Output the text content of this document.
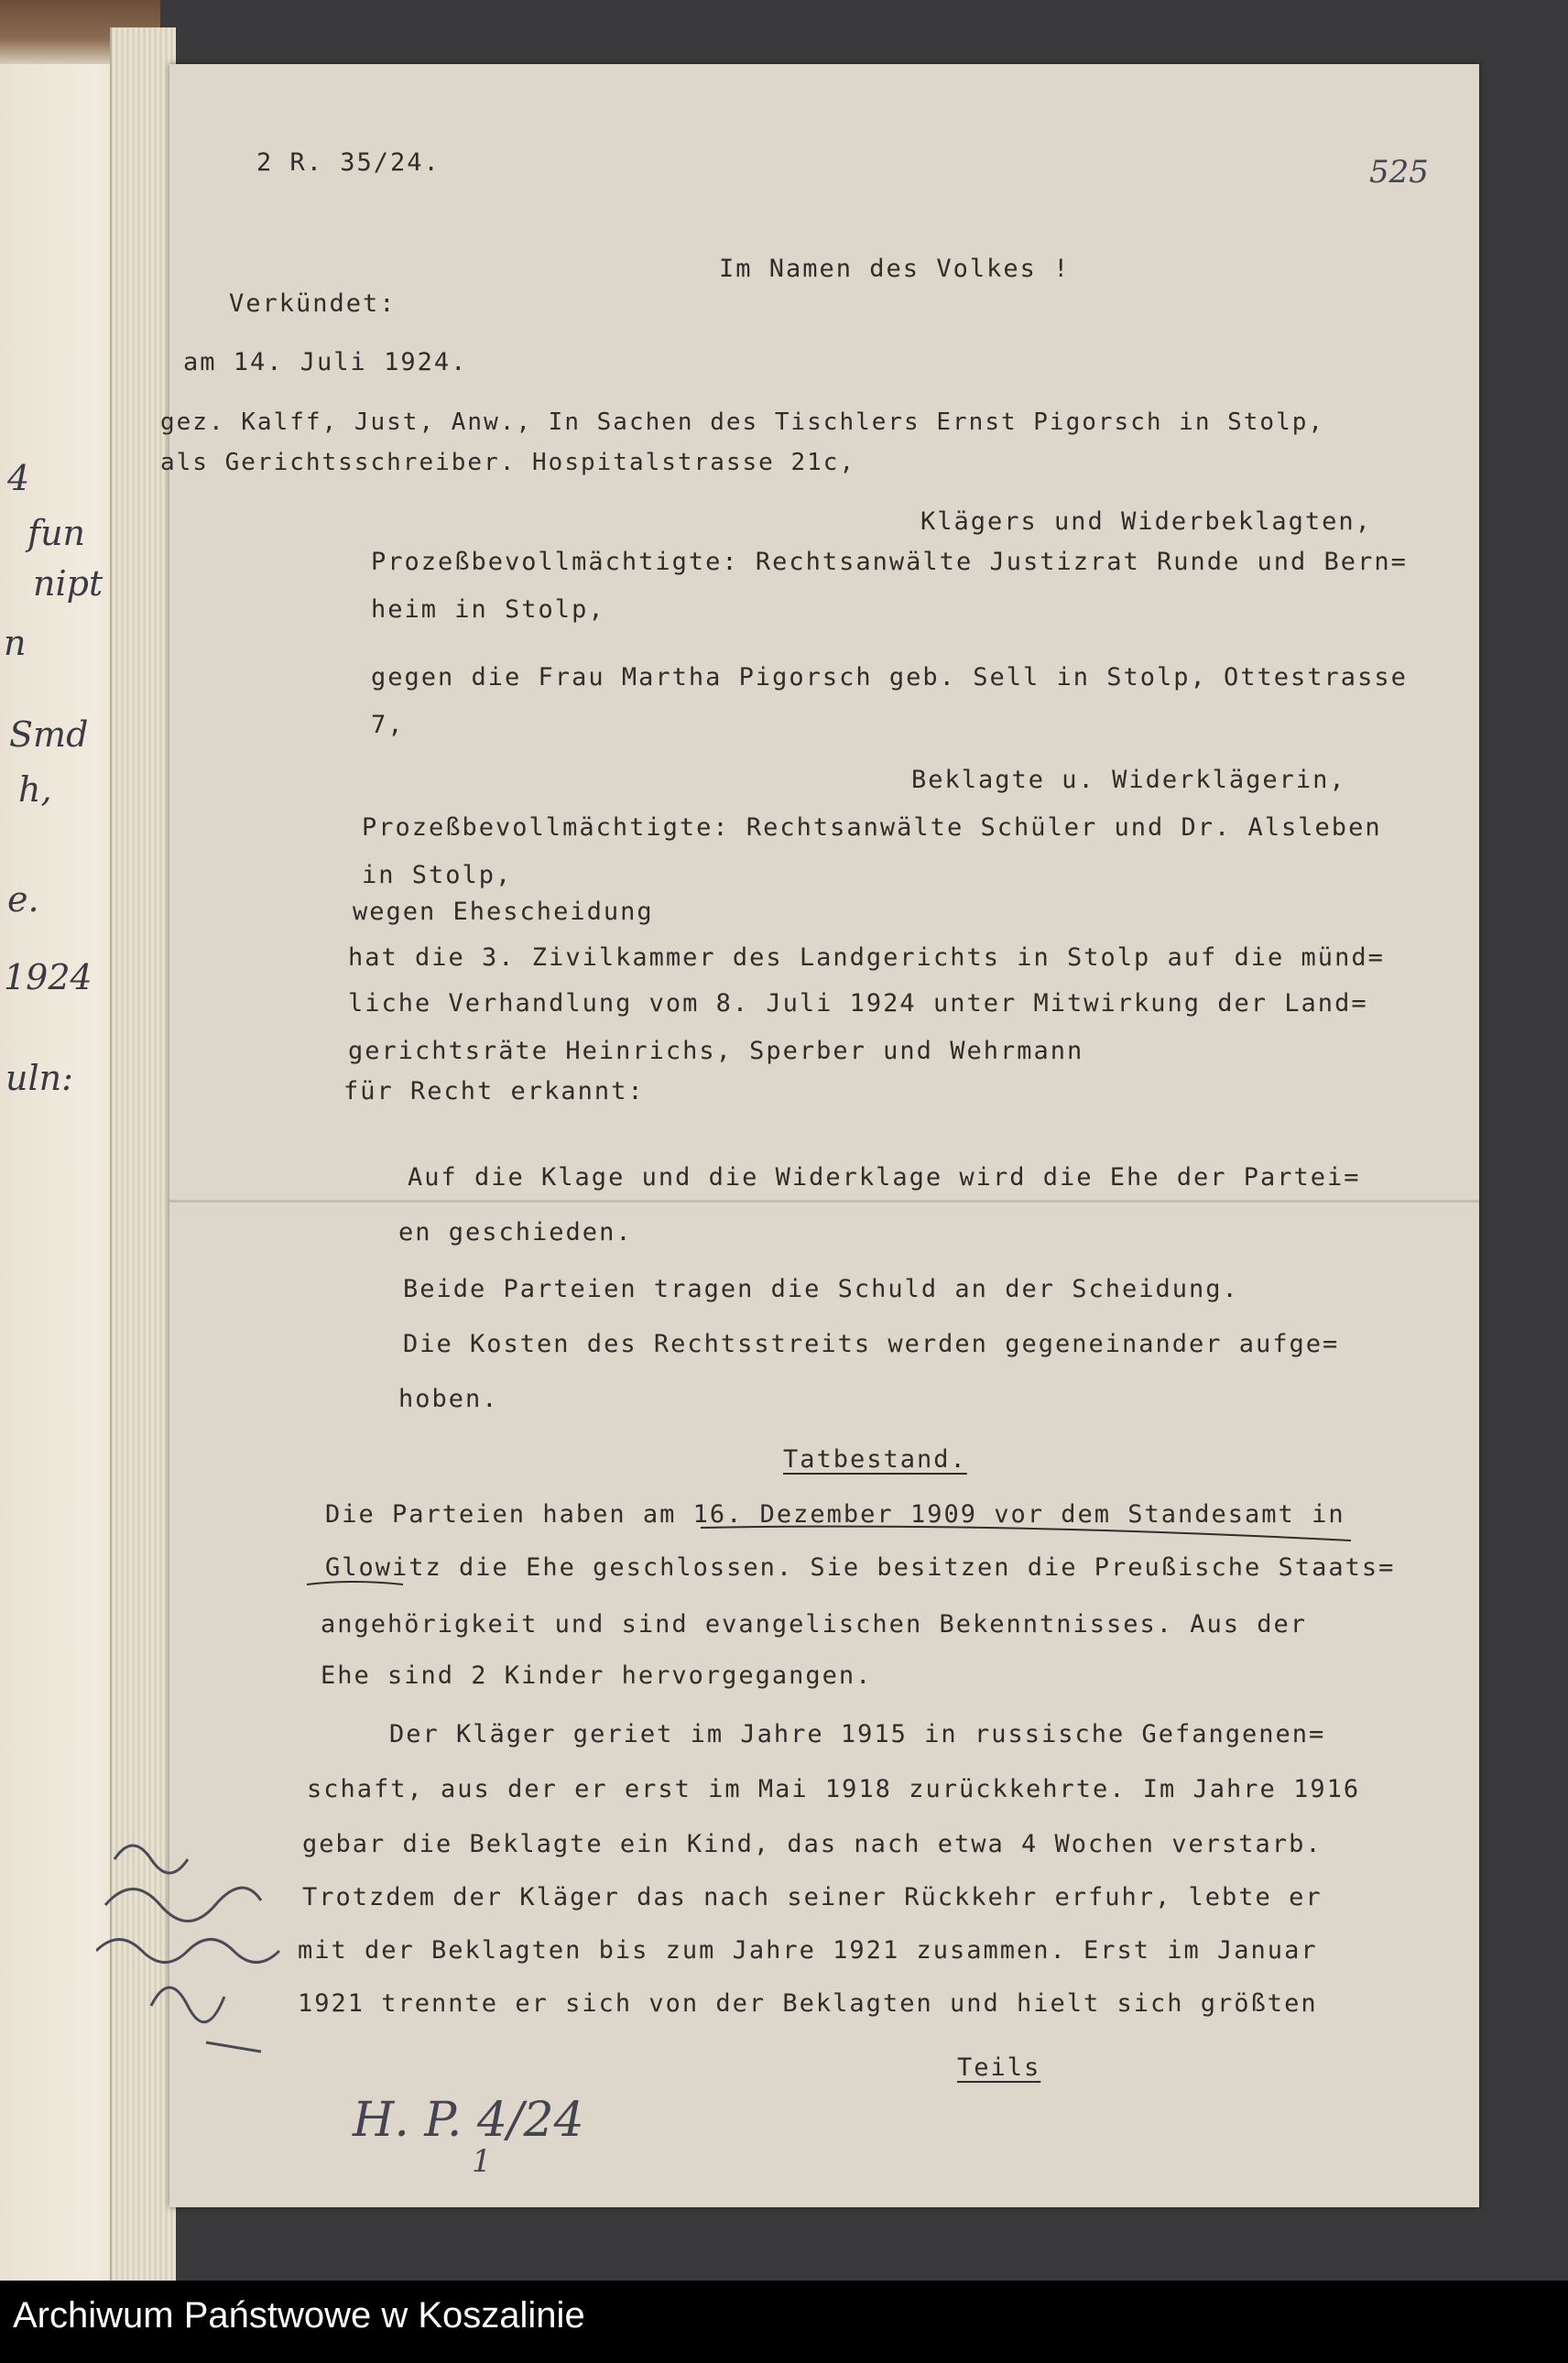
4
fun
nipt
n
Smd
h,
e.
1924
uln:
2 R. 35/24.	525
Im Namen des Volkes !
Verkündet:
am 14. Juli 1924.
gez. Kalff, Just, Anw., In Sachen des Tischlers Ernst Pigorsch in Stolp,
als Gerichtsschreiber. Hospitalstrasse 21c,
Klägers und Widerbeklagten,
Prozeßbevollmächtigte: Rechtsanwälte Justizrat Runde und Bern=
heim in Stolp,
gegen die Frau Martha Pigorsch geb. Sell in Stolp, Ottestrasse
7,
Beklagte u. Widerklägerin,
Prozeßbevollmächtigte: Rechtsanwälte Schüler und Dr. Alsleben
in Stolp,
wegen Ehescheidung
hat die 3. Zivilkammer des Landgerichts in Stolp auf die münd=
liche Verhandlung vom 8. Juli 1924 unter Mitwirkung der Land=
gerichtsräte Heinrichs, Sperber und Wehrmann
für Recht erkannt:
Auf die Klage und die Widerklage wird die Ehe der Partei=
en geschieden.
Beide Parteien tragen die Schuld an der Scheidung.
Die Kosten des Rechtsstreits werden gegeneinander aufge=
hoben.
Tatbestand.
Die Parteien haben am 16. Dezember 1909 vor dem Standesamt in
Glowitz die Ehe geschlossen. Sie besitzen die Preußische Staats=
angehörigkeit und sind evangelischen Bekenntnisses. Aus der
Ehe sind 2 Kinder hervorgegangen.
Der Kläger geriet im Jahre 1915 in russische Gefangenen=
schaft, aus der er erst im Mai 1918 zurückkehrte. Im Jahre 1916
gebar die Beklagte ein Kind, das nach etwa 4 Wochen verstarb.
Trotzdem der Kläger das nach seiner Rückkehr erfuhr, lebte er
mit der Beklagten bis zum Jahre 1921 zusammen. Erst im Januar
1921 trennte er sich von der Beklagten und hielt sich größten
Teils
H. P. 4/24
1
Archiwum Państwowe w Koszalinie
